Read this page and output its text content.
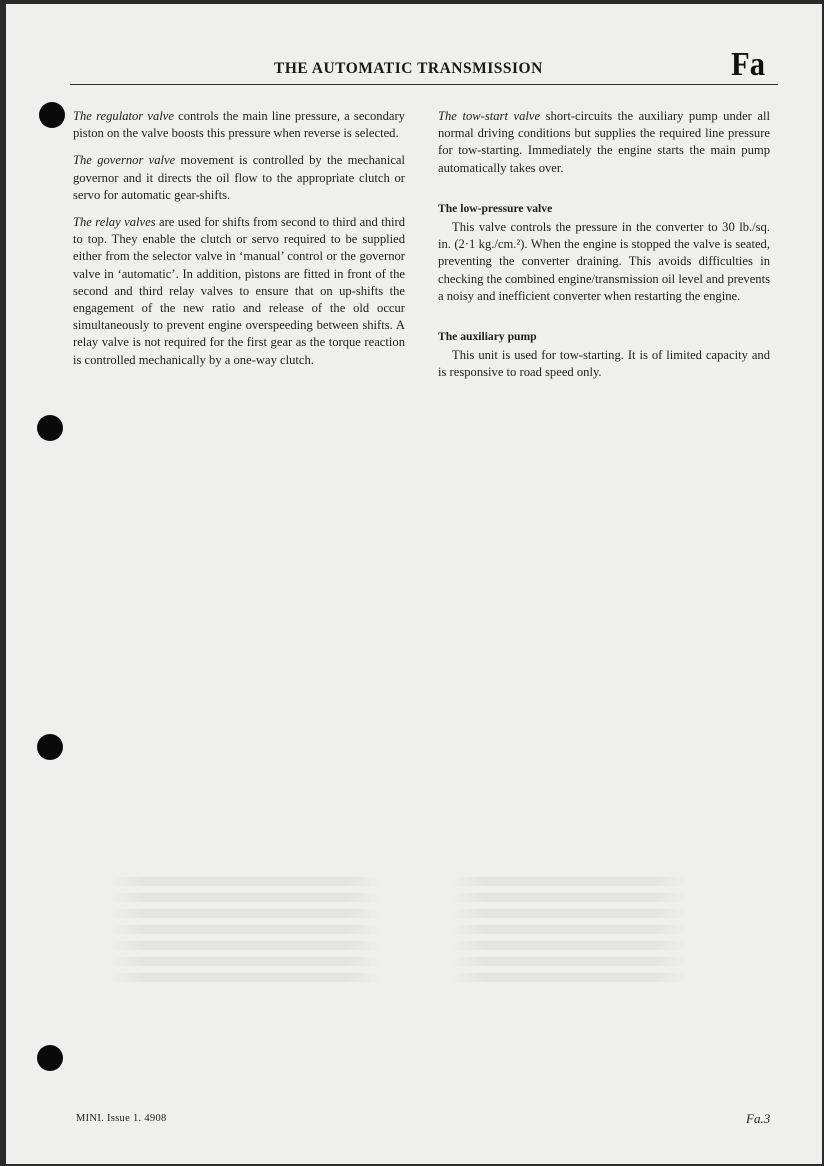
THE AUTOMATIC TRANSMISSION	Fa

The regulator valve controls the main line pressure, a secondary piston on the valve boosts this pressure when reverse is selected.

The governor valve movement is controlled by the mechanical governor and it directs the oil flow to the appropriate clutch or servo for automatic gear-shifts.

The relay valves are used for shifts from second to third and third to top. They enable the clutch or servo required to be supplied either from the selector valve in ‘manual’ control or the governor valve in ‘automatic’. In addition, pistons are fitted in front of the second and third relay valves to ensure that on up-shifts the engagement of the new ratio and release of the old occur simultaneously to prevent engine overspeeding between shifts. A relay valve is not required for the first gear as the torque reaction is controlled mechanically by a one-way clutch.

The tow-start valve short-circuits the auxiliary pump under all normal driving conditions but supplies the required line pressure for tow-starting. Immediately the engine starts the main pump automatically takes over.

The low-pressure valve

This valve controls the pressure in the converter to 30 lb./sq. in. (2·1 kg./cm.²). When the engine is stopped the valve is seated, preventing the converter draining. This avoids difficulties in checking the combined engine/transmission oil level and prevents a noisy and inefficient converter when restarting the engine.

The auxiliary pump

This unit is used for tow-starting. It is of limited capacity and is responsive to road speed only.

MINI. Issue 1. 4908	Fa.3
